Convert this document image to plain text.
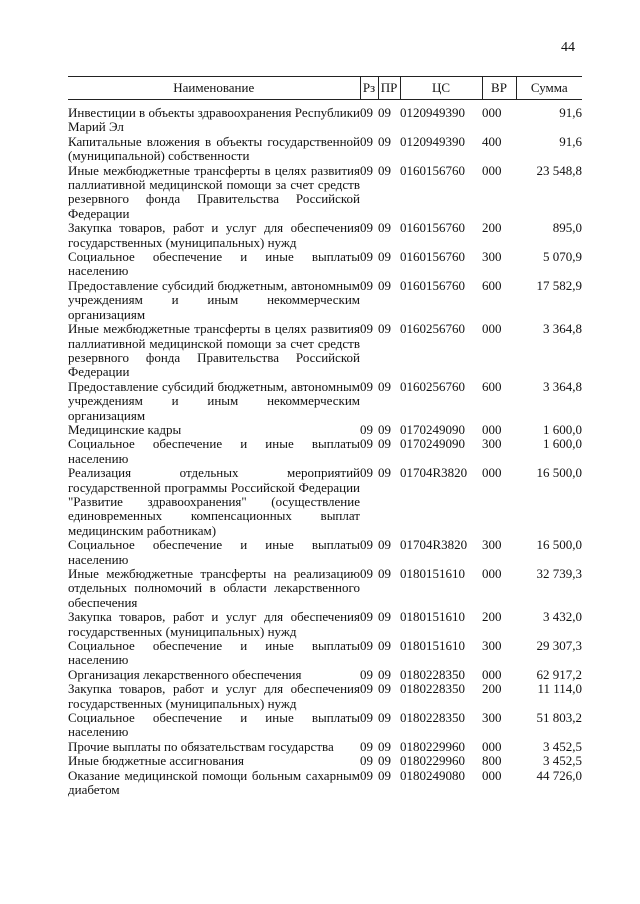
44
Наименование	Рз	ПР	ЦС	ВР	Сумма
Инвестиции в объекты здравоохранения Республики Марий Эл	09	09	0120949390	000	91,6
Капитальные вложения в объекты государственной (муниципальной) собственности	09	09	0120949390	400	91,6
Иные межбюджетные трансферты в целях развития паллиативной медицинской помощи за счет средств резервного фонда Правительства Российской Федерации	09	09	0160156760	000	23 548,8
Закупка товаров, работ и услуг для обеспечения государственных (муниципальных) нужд	09	09	0160156760	200	895,0
Социальное обеспечение и иные выплаты населению	09	09	0160156760	300	5 070,9
Предоставление субсидий бюджетным, автономным учреждениям и иным некоммерческим организациям	09	09	0160156760	600	17 582,9
Иные межбюджетные трансферты в целях развития паллиативной медицинской помощи за счет средств резервного фонда Правительства Российской Федерации	09	09	0160256760	000	3 364,8
Предоставление субсидий бюджетным, автономным учреждениям и иным некоммерческим организациям	09	09	0160256760	600	3 364,8
Медицинские кадры	09	09	0170249090	000	1 600,0
Социальное обеспечение и иные выплаты населению	09	09	0170249090	300	1 600,0
Реализация отдельных мероприятий государственной программы Российской Федерации "Развитие здравоохранения" (осуществление единовременных компенсационных выплат медицинским работникам)	09	09	01704R3820	000	16 500,0
Социальное обеспечение и иные выплаты населению	09	09	01704R3820	300	16 500,0
Иные межбюджетные трансферты на реализацию отдельных полномочий в области лекарственного обеспечения	09	09	0180151610	000	32 739,3
Закупка товаров, работ и услуг для обеспечения государственных (муниципальных) нужд	09	09	0180151610	200	3 432,0
Социальное обеспечение и иные выплаты населению	09	09	0180151610	300	29 307,3
Организация лекарственного обеспечения	09	09	0180228350	000	62 917,2
Закупка товаров, работ и услуг для обеспечения государственных (муниципальных) нужд	09	09	0180228350	200	11 114,0
Социальное обеспечение и иные выплаты населению	09	09	0180228350	300	51 803,2
Прочие выплаты по обязательствам государства	09	09	0180229960	000	3 452,5
Иные бюджетные ассигнования	09	09	0180229960	800	3 452,5
Оказание медицинской помощи больным сахарным диабетом	09	09	0180249080	000	44 726,0
